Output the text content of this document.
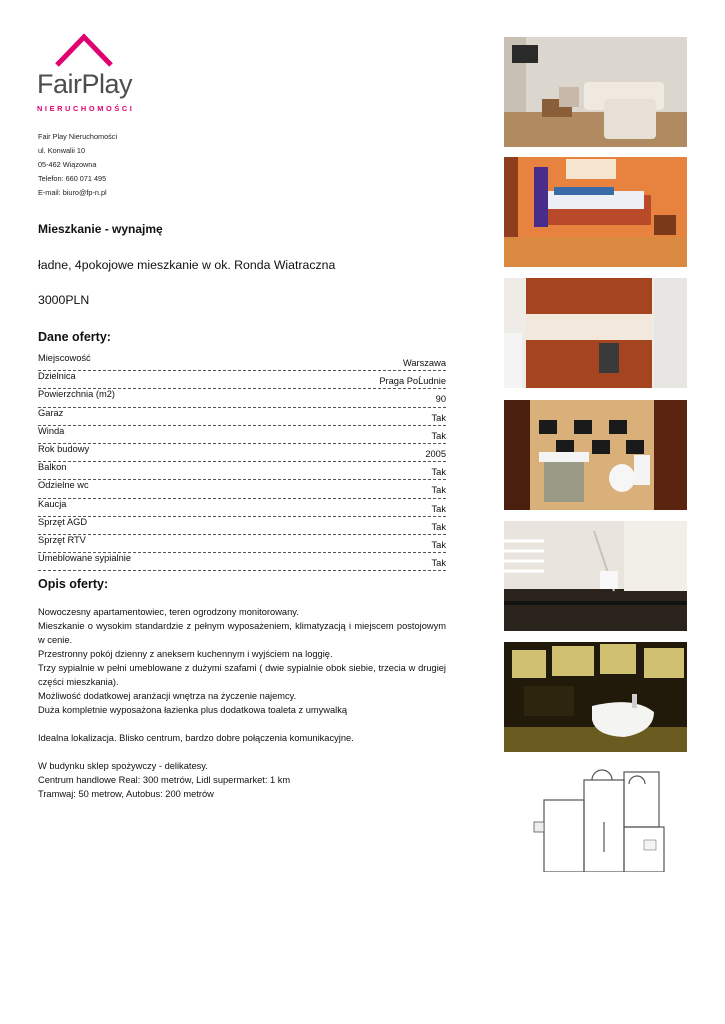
FairPlay
NIERUCHOMOŚCI
Fair Play Nieruchomości
ul. Konwalii 10
05-462 Wiązowna
Telefon: 660 071 495
E-mail: biuro@fp-n.pl
Mieszkanie - wynajmę
ładne, 4pokojowe mieszkanie w ok. Ronda Wiatraczna
3000PLN
Dane oferty:
Miejscowość	Warszawa
Dzielnica	Praga PoĹudnie
Powierzchnia (m2)	90
Garaz	Tak
Winda	Tak
Rok budowy	2005
Balkon	Tak
Odzielne wc	Tak
Kaucja	Tak
Sprzęt AGD	Tak
Sprzęt RTV	Tak
Umeblowane sypialnie	Tak
Opis oferty:

Nowoczesny apartamentowiec, teren ogrodzony monitorowany.

Mieszkanie o wysokim standardzie z pełnym wyposażeniem, klimatyzacją i miejscem postojowym w cenie.

Przestronny pokój dzienny z aneksem kuchennym i wyjściem na loggię.

Trzy sypialnie w pełni umeblowane z dużymi szafami ( dwie sypialnie obok siebie, trzecia w drugiej części mieszkania).

Możliwość dodatkowej aranżacji wnętrza na życzenie najemcy.

Duża kompletnie wyposażona łazienka plus dodatkowa toaleta z umywalką

Idealna lokalizacja. Blisko centrum, bardzo dobre połączenia komunikacyjne.

W budynku sklep spożywczy - delikatesy.

Centrum handlowe Real: 300 metrów, Lidl supermarket: 1 km

Tramwaj: 50 metrow, Autobus: 200 metrów
